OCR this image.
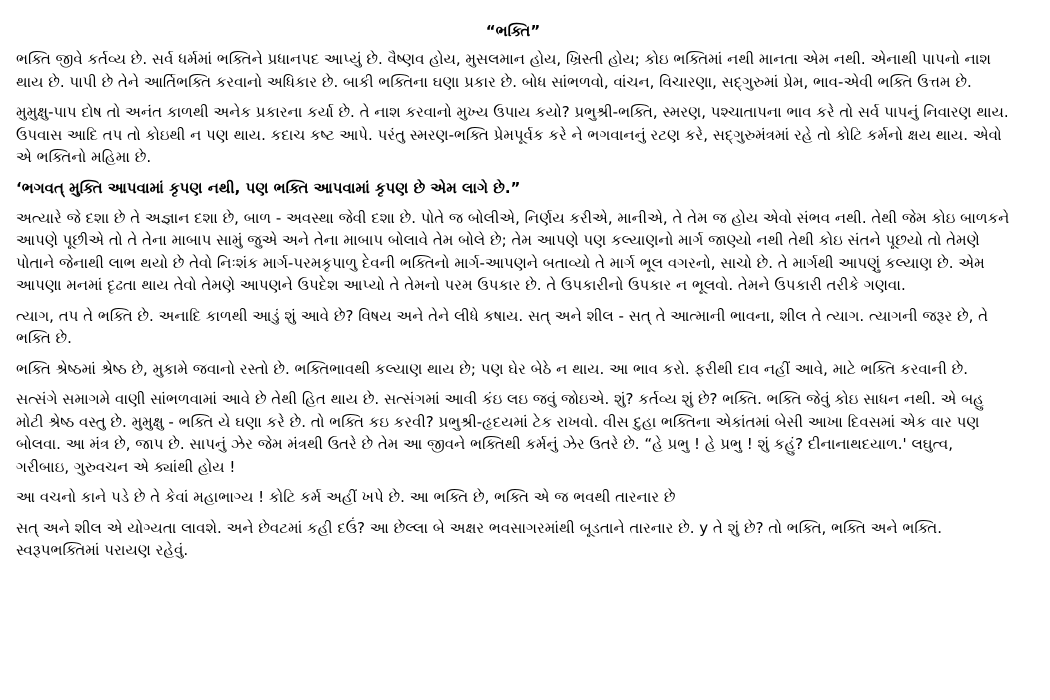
“ભક્તિ”

ભક્તિ જીવે કર્તવ્ય છે. સર્વ ધર્મમાં ભક્તિને પ્રધાનપદ આપ્યું છે. વૈષ્ણવ હોય, મુસલમાન હોય, ખ્રિસ્તી હોય; કોઇ ભક્તિમાં નથી માનતા એમ નથી. એનાથી પાપનો નાશ થાય છે. પાપી છે તેને આર્તિભક્તિ કરવાનો અધિકાર છે. બાકી ભક્તિના ઘણા પ્રકાર છે. બોધ સાંભળવો, વાંચન, વિચારણા, સદ્ગુરુમાં પ્રેમ, ભાવ-એવી ભક્તિ ઉત્તમ છે.

મુમુક્ષુ-પાપ દોષ તો અનંત કાળથી અનેક પ્રકારના કર્યા છે. તે નાશ કરવાનો મુખ્ય ઉપાય કયો? પ્રભુશ્રી-ભક્તિ, સ્મરણ, પશ્ચાતાપના ભાવ કરે તો સર્વ પાપનું નિવારણ થાય. ઉપવાસ આદિ તપ તો કોઇથી ન પણ થાય. કદાચ કષ્ટ આપે. પરંતુ સ્મરણ-ભક્તિ પ્રેમપૂર્વક કરે ને ભગવાનનું રટણ કરે, સદ્ગુરુમંત્રમાં રહે તો કોટિ કર્મનો ક્ષય થાય. એવો એ ભક્તિનો મહિમા છે.

‘ભગવત્ મુક્તિ આપવામાં કૃપણ નથી, પણ ભક્તિ આપવામાં કૃપણ છે એમ લાગે છે.”

અત્યારે જે દશા છે તે અજ્ઞાન દશા છે, બાળ - અવસ્થા જેવી દશા છે. પોતે જ બોલીએ, નિર્ણય કરીએ, માનીએ, તે તેમ જ હોય એવો સંભવ નથી. તેથી જેમ કોઇ બાળકને આપણે પૂછીએ તો તે તેના માબાપ સામું જુએ અને તેના માબાપ બોલાવે તેમ બોલે છે; તેમ આપણે પણ કલ્યાણનો માર્ગ જાણ્યો નથી તેથી કોઇ સંતને પૂછયો તો તેમણે પોતાને જેનાથી લાભ થયો છે તેવો નિઃશંક માર્ગ-પરમકૃપાળુ દેવની ભક્તિનો માર્ગ-આપણને બતાવ્યો તે માર્ગ ભૂલ વગરનો, સાચો છે. તે માર્ગથી આપણું કલ્યાણ છે. એમ આપણા મનમાં દૃઢતા થાય તેવો તેમણે આપણને ઉપદેશ આપ્યો તે તેમનો પરમ ઉપકાર છે. તે ઉપકારીનો ઉપકાર ન ભૂલવો. તેમને ઉપકારી તરીકે ગણવા.

ત્યાગ, તપ તે ભક્તિ છે. અનાદિ કાળથી આડું શું આવે છે? વિષય અને તેને લીધે કષાય. સત્ અને શીલ - સત્ તે આત્માની ભાવના, શીલ તે ત્યાગ. ત્યાગની જરૂર છે, તે ભક્તિ છે.

ભક્તિ શ્રેષ્ઠમાં શ્રેષ્ઠ છે, મુકામે જવાનો રસ્તો છે. ભક્તિભાવથી કલ્યાણ થાય છે; પણ ઘેર બેઠે ન થાય. આ ભાવ કરો. ફરીથી દાવ નહીં આવે, માટે ભક્તિ કરવાની છે.

સત્સંગે સમાગમે વાણી સાંભળવામાં આવે છે તેથી હિત થાય છે. સત્સંગમાં આવી કંઇ લઇ જવું જોઇએ. શું? કર્તવ્ય શું છે? ભક્તિ. ભક્તિ જેવું કોઇ સાધન નથી. એ બહુ મોટી શ્રેષ્ઠ વસ્તુ છે. મુમુક્ષુ - ભક્તિ યે ઘણા કરે છે. તો ભક્તિ કઇ કરવી? પ્રભુશ્રી-હૃદયમાં ટેક રાખવો. વીસ દુહા ભક્તિના એકાંતમાં બેસી આખા દિવસમાં એક વાર પણ બોલવા. આ મંત્ર છે, જાપ છે. સાપનું ઝેર જેમ મંત્રથી ઉતરે છે તેમ આ જીવને ભક્તિથી કર્મનું ઝેર ઉતરે છે. “હે પ્રભુ ! હે પ્રભુ ! શું કહું? દીનાનાથદયાળ.' લઘુત્વ, ગરીબાઇ, ગુરુવચન એ ક્યાંથી હોય !

આ વચનો કાને પડે છે તે કેવાં મહાભાગ્ય ! કોટિ કર્મ અહીં ખપે છે. આ ભક્તિ છે, ભક્તિ એ જ ભવથી તારનાર છે

સત્ અને શીલ એ યોગ્યતા લાવશે. અને છેવટમાં કહી દઉં? આ છેલ્લા બે અક્ષર ભવસાગરમાંથી બૂડતાને તારનાર છે. y તે શું છે? તો ભક્તિ, ભક્તિ અને ભક્તિ. સ્વરૂપભક્તિમાં પરાયણ રહેવું.
